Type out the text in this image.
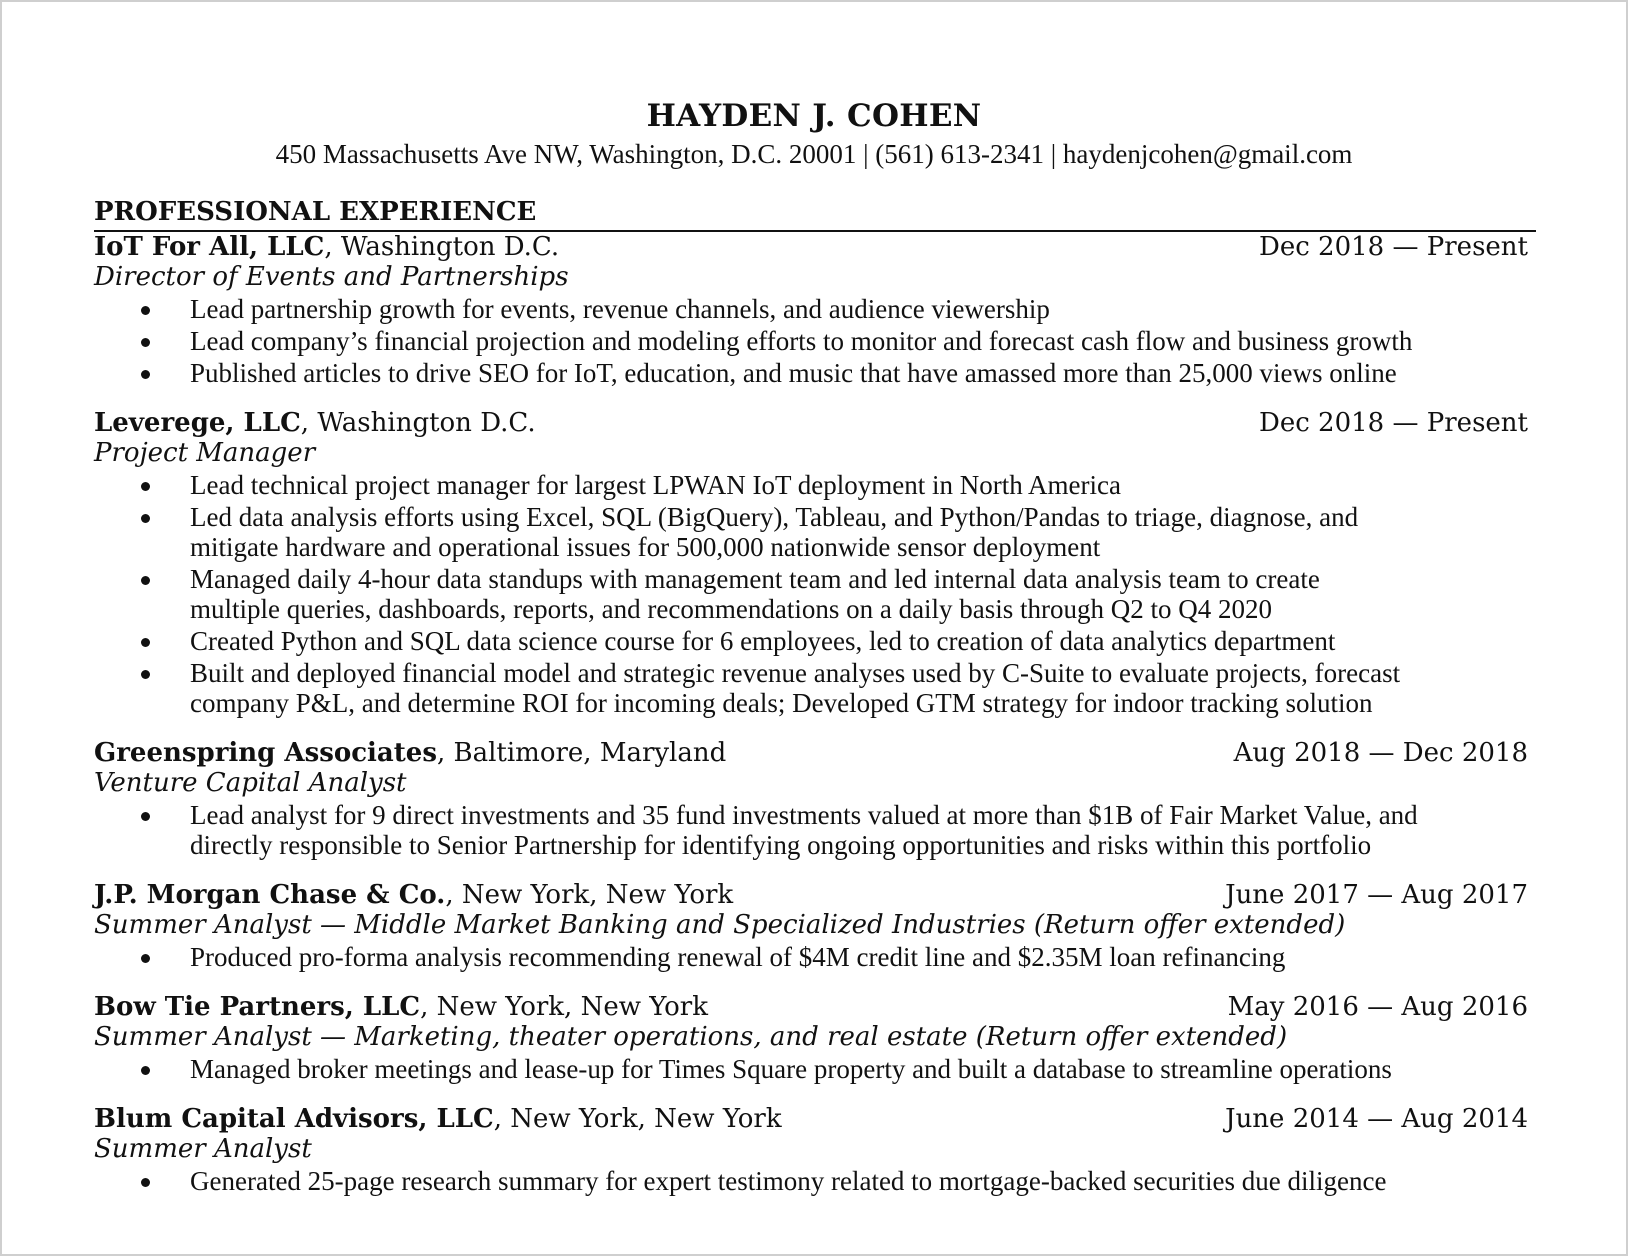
HAYDEN J. COHEN
450 Massachusetts Ave NW, Washington, D.C. 20001 | (561) 613-2341 | haydenjcohen@gmail.com
PROFESSIONAL EXPERIENCE
IoT For All, LLC, Washington D.C.	Dec 2018 — Present
Director of Events and Partnerships
Lead partnership growth for events, revenue channels, and audience viewership
Lead company’s financial projection and modeling efforts to monitor and forecast cash flow and business growth
Published articles to drive SEO for IoT, education, and music that have amassed more than 25,000 views online
Leverege, LLC, Washington D.C.	Dec 2018 — Present
Project Manager
Lead technical project manager for largest LPWAN IoT deployment in North America
Led data analysis efforts using Excel, SQL (BigQuery), Tableau, and Python/Pandas to triage, diagnose, and
mitigate hardware and operational issues for 500,000 nationwide sensor deployment
Managed daily 4-hour data standups with management team and led internal data analysis team to create
multiple queries, dashboards, reports, and recommendations on a daily basis through Q2 to Q4 2020
Created Python and SQL data science course for 6 employees, led to creation of data analytics department
Built and deployed financial model and strategic revenue analyses used by C-Suite to evaluate projects, forecast
company P&L, and determine ROI for incoming deals; Developed GTM strategy for indoor tracking solution
Greenspring Associates, Baltimore, Maryland	Aug 2018 — Dec 2018
Venture Capital Analyst
Lead analyst for 9 direct investments and 35 fund investments valued at more than $1B of Fair Market Value, and
directly responsible to Senior Partnership for identifying ongoing opportunities and risks within this portfolio
J.P. Morgan Chase & Co., New York, New York	June 2017 — Aug 2017
Summer Analyst — Middle Market Banking and Specialized Industries (Return offer extended)
Produced pro-forma analysis recommending renewal of $4M credit line and $2.35M loan refinancing
Bow Tie Partners, LLC, New York, New York	May 2016 — Aug 2016
Summer Analyst — Marketing, theater operations, and real estate (Return offer extended)
Managed broker meetings and lease-up for Times Square property and built a database to streamline operations
Blum Capital Advisors, LLC, New York, New York	June 2014 — Aug 2014
Summer Analyst
Generated 25-page research summary for expert testimony related to mortgage-backed securities due diligence
